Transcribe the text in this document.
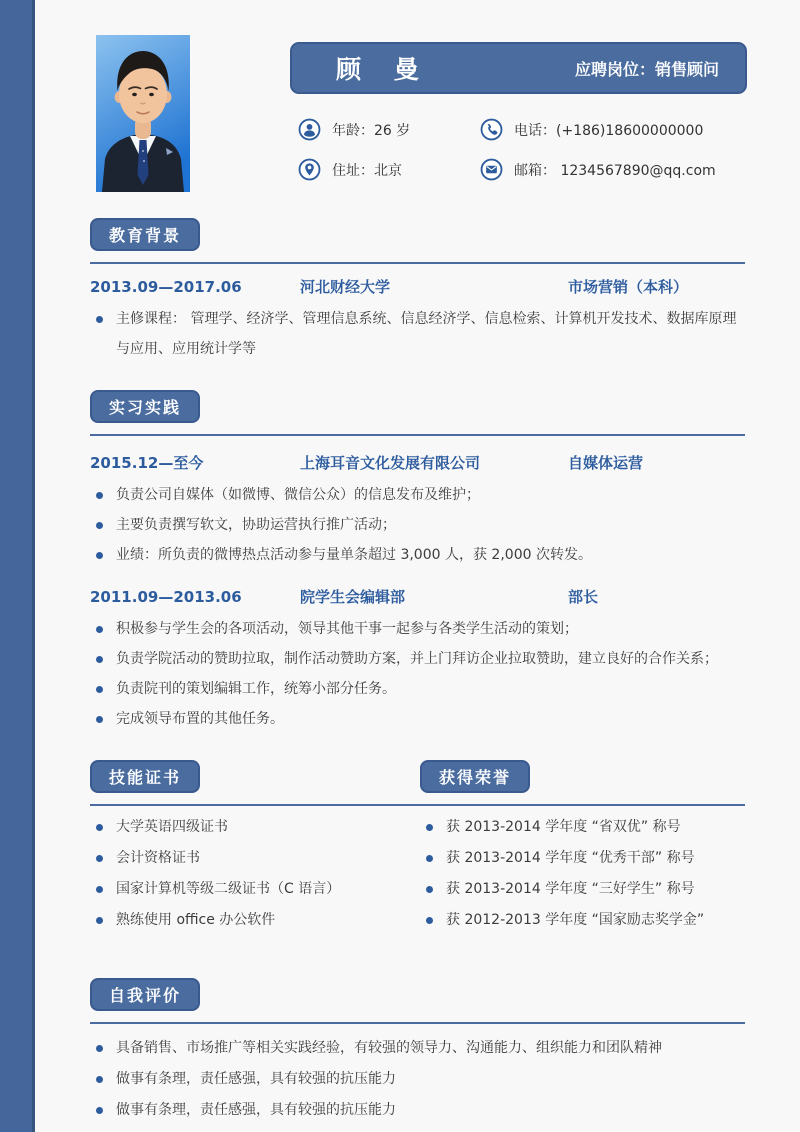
顾 曼	应聘岗位：销售顾问
年龄：26 岁
住址：北京
电话：(+186)18600000000
邮箱： 1234567890@qq.com
教育背景
2013.09—2017.06	河北财经大学	市场营销（本科）
主修课程： 管理学、经济学、管理信息系统、信息经济学、信息检索、计算机开发技术、数据库原理与应用、应用统计学等
实习实践
2015.12—至今	上海耳音文化发展有限公司	自媒体运营
负责公司自媒体（如微博、微信公众）的信息发布及维护；
主要负责撰写软文，协助运营执行推广活动；
业绩：所负责的微博热点活动参与量单条超过 3,000 人，获 2,000 次转发。
2011.09—2013.06	院学生会编辑部	部长
积极参与学生会的各项活动，领导其他干事一起参与各类学生活动的策划；
负责学院活动的赞助拉取，制作活动赞助方案，并上门拜访企业拉取赞助，建立良好的合作关系；
负责院刊的策划编辑工作，统筹小部分任务。
完成领导布置的其他任务。
技能证书	获得荣誉
大学英语四级证书
会计资格证书
国家计算机等级二级证书（C 语言）
熟练使用 office 办公软件
获 2013-2014 学年度 “省双优” 称号
获 2013-2014 学年度 “优秀干部” 称号
获 2013-2014 学年度 “三好学生” 称号
获 2012-2013 学年度 “国家励志奖学金”
自我评价
具备销售、市场推广等相关实践经验，有较强的领导力、沟通能力、组织能力和团队精神
做事有条理，责任感强，具有较强的抗压能力
做事有条理，责任感强，具有较强的抗压能力
